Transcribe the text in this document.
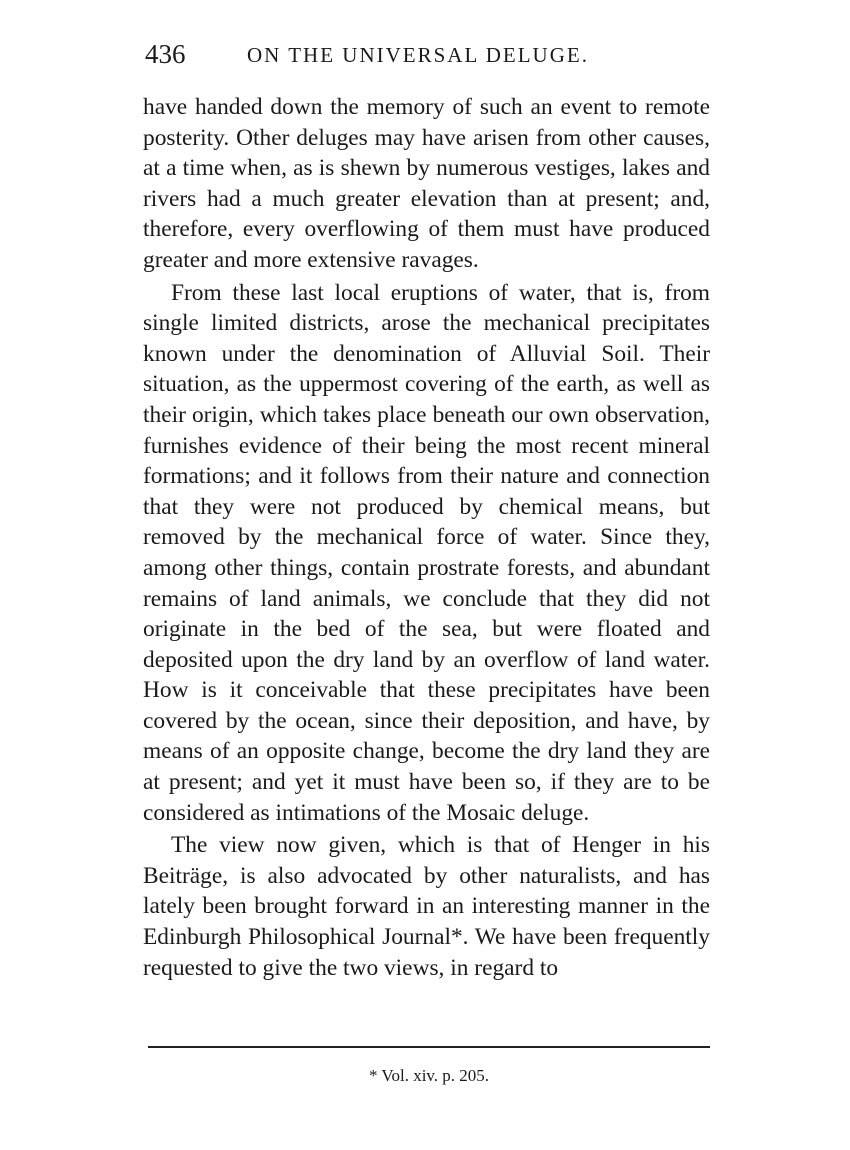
436	ON THE UNIVERSAL DELUGE.

have handed down the memory of such an event to remote posterity. Other deluges may have arisen from other causes, at a time when, as is shewn by numerous vestiges, lakes and rivers had a much greater elevation than at present; and, therefore, every overflowing of them must have produced greater and more extensive ravages.

From these last local eruptions of water, that is, from single limited districts, arose the mechanical precipitates known under the denomination of Alluvial Soil. Their situation, as the uppermost covering of the earth, as well as their origin, which takes place beneath our own observation, furnishes evidence of their being the most recent mineral formations; and it follows from their nature and connection that they were not produced by chemical means, but removed by the mechanical force of water. Since they, among other things, contain prostrate forests, and abundant remains of land animals, we conclude that they did not originate in the bed of the sea, but were floated and deposited upon the dry land by an overflow of land water. How is it conceivable that these precipitates have been covered by the ocean, since their deposition, and have, by means of an opposite change, become the dry land they are at present; and yet it must have been so, if they are to be considered as intimations of the Mosaic deluge.

The view now given, which is that of Henger in his Beiträge, is also advocated by other naturalists, and has lately been brought forward in an interesting manner in the Edinburgh Philosophical Journal*. We have been frequently requested to give the two views, in regard to

* Vol. xiv. p. 205.
